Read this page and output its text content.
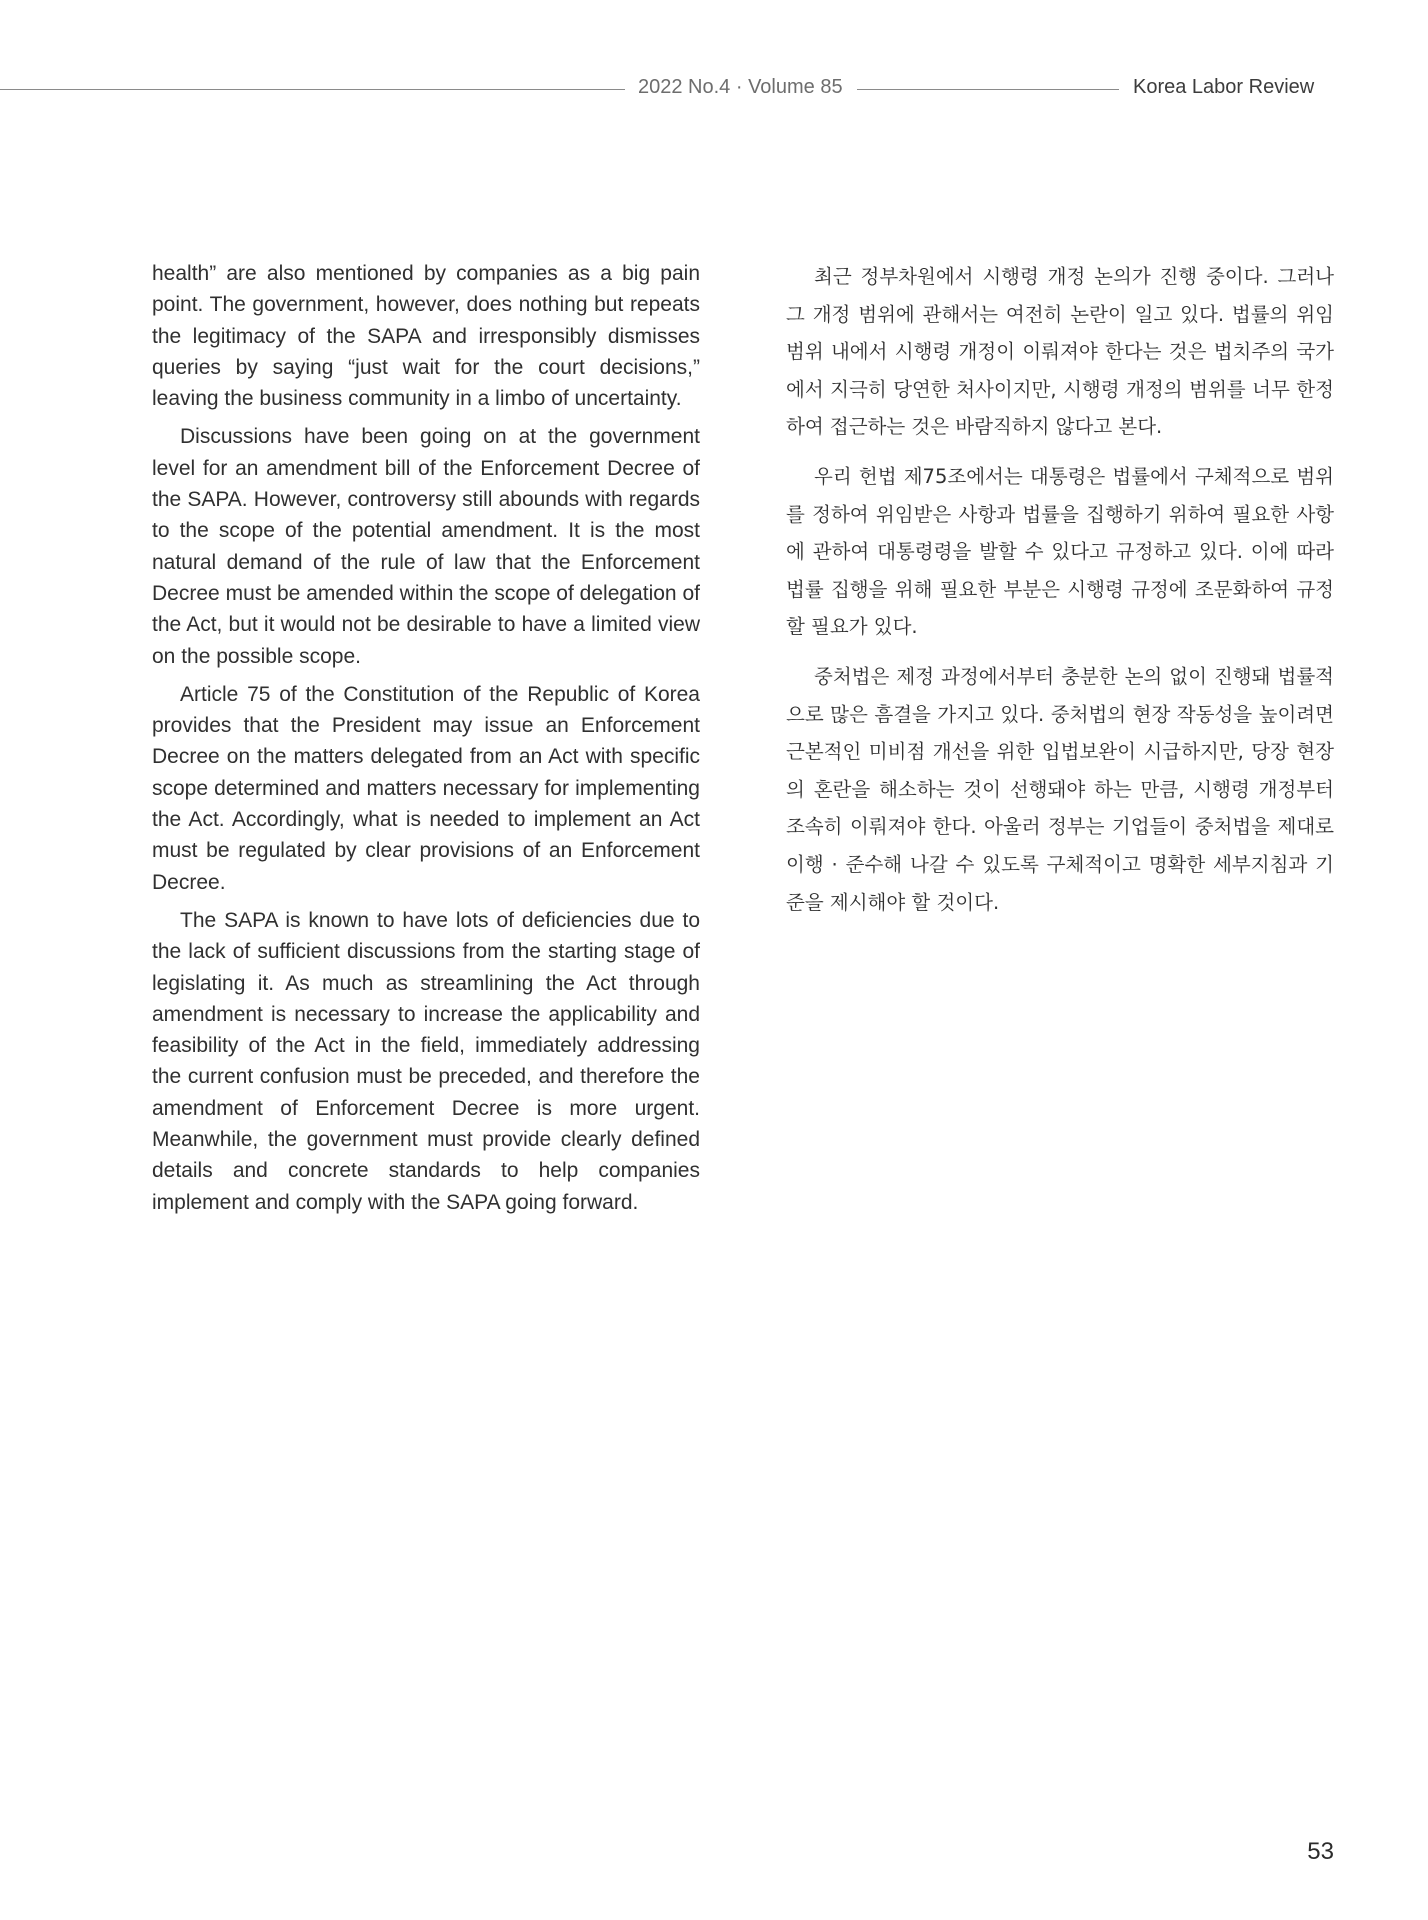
2022 No.4 · Volume 85	Korea Labor Review

health” are also mentioned by companies as a big pain point. The government, however, does nothing but repeats the legitimacy of the SAPA and irresponsibly dismisses queries by saying “just wait for the court decisions,” leaving the business community in a limbo of uncertainty.

Discussions have been going on at the government level for an amendment bill of the Enforcement Decree of the SAPA. However, controversy still abounds with regards to the scope of the potential amendment. It is the most natural demand of the rule of law that the Enforcement Decree must be amended within the scope of delegation of the Act, but it would not be desirable to have a limited view on the possible scope.

Article 75 of the Constitution of the Republic of Korea provides that the President may issue an Enforcement Decree on the matters delegated from an Act with specific scope determined and matters necessary for implementing the Act. Accordingly, what is needed to implement an Act must be regulated by clear provisions of an Enforcement Decree.

The SAPA is known to have lots of deficiencies due to the lack of sufficient discussions from the starting stage of legislating it. As much as streamlining the Act through amendment is necessary to increase the applicability and feasibility of the Act in the field, immediately addressing the current confusion must be preceded, and therefore the amendment of Enforcement Decree is more urgent. Meanwhile, the government must provide clearly defined details and concrete standards to help companies implement and comply with the SAPA going forward.

최근 정부차원에서 시행령 개정 논의가 진행 중이다. 그러나 그 개정 범위에 관해서는 여전히 논란이 일고 있다. 법률의 위임 범위 내에서 시행령 개정이 이뤄져야 한다는 것은 법치주의 국가에서 지극히 당연한 처사이지만, 시행령 개정의 범위를 너무 한정하여 접근하는 것은 바람직하지 않다고 본다.

우리 헌법 제75조에서는 대통령은 법률에서 구체적으로 범위를 정하여 위임받은 사항과 법률을 집행하기 위하여 필요한 사항에 관하여 대통령령을 발할 수 있다고 규정하고 있다. 이에 따라 법률 집행을 위해 필요한 부분은 시행령 규정에 조문화하여 규정할 필요가 있다.

중처법은 제정 과정에서부터 충분한 논의 없이 진행돼 법률적으로 많은 흠결을 가지고 있다. 중처법의 현장 작동성을 높이려면 근본적인 미비점 개선을 위한 입법보완이 시급하지만, 당장 현장의 혼란을 해소하는 것이 선행돼야 하는 만큼, 시행령 개정부터 조속히 이뤄져야 한다. 아울러 정부는 기업들이 중처법을 제대로 이행 · 준수해 나갈 수 있도록 구체적이고 명확한 세부지침과 기준을 제시해야 할 것이다.

53
